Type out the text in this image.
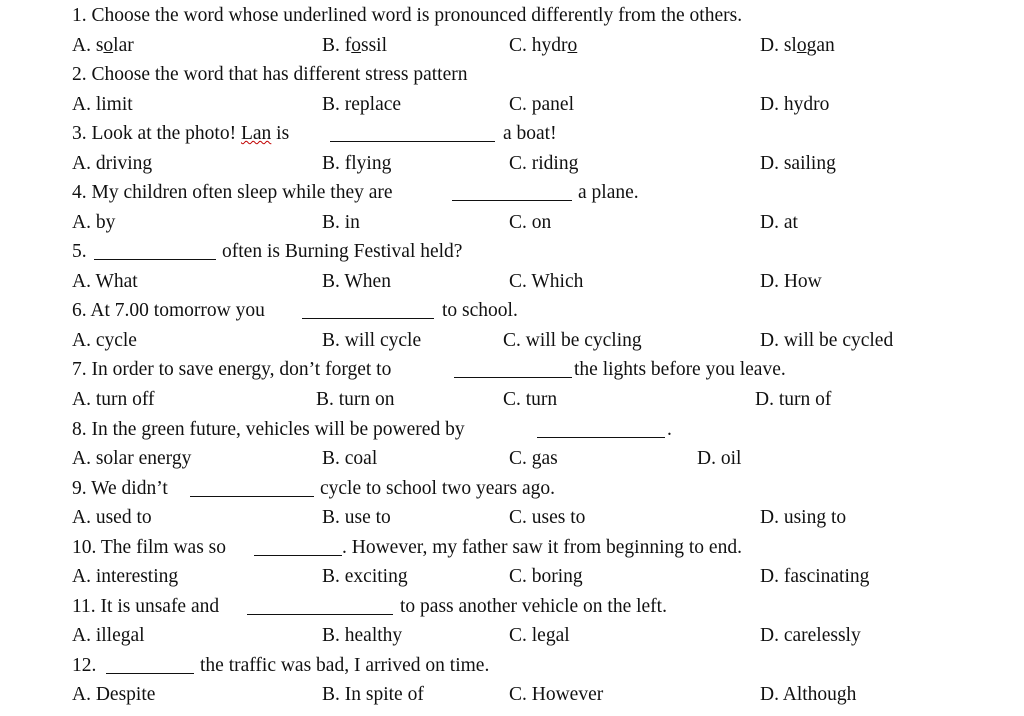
1. Choose the word whose underlined word is pronounced differently from the others.
A. solar	B. fossil	C. hydro	D. slogan
2. Choose the word that has different stress pattern
A. limit	B. replace	C. panel	D. hydro
3. Look at the photo! Lan is	a boat!
A. driving	B. flying	C. riding	D. sailing
4. My children often sleep while they are	a plane.
A. by	B. in	C. on	D. at
5.	often is Burning Festival held?
A. What	B. When	C. Which	D. How
6. At 7.00 tomorrow you	to school.
A. cycle	B. will cycle	C. will be cycling	D. will be cycled
7. In order to save energy, don’t forget to	the lights before you leave.
A. turn off	B. turn on	C. turn	D. turn of
8. In the green future, vehicles will be powered by	.
A. solar energy	B. coal	C. gas	D. oil
9. We didn’t	cycle to school two years ago.
A. used to	B. use to	C. uses to	D. using to
10. The film was so	. However, my father saw it from beginning to end.
A. interesting	B. exciting	C. boring	D. fascinating
11. It is unsafe and	to pass another vehicle on the left.
A. illegal	B. healthy	C. legal	D. carelessly
12.	the traffic was bad, I arrived on time.
A. Despite	B. In spite of	C. However	D. Although
